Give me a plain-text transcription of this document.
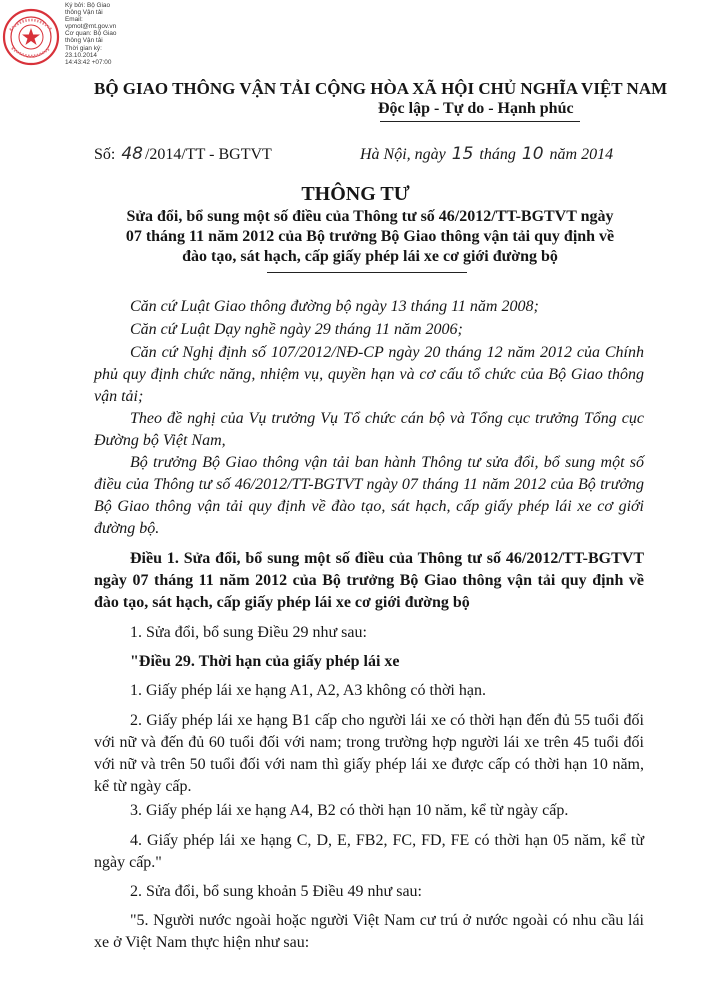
Ký bởi: Bộ Giao
thông Vận tải
Email:
vpmot@mt.gov.vn
Cơ quan: Bộ Giao
thông Vận tải
Thời gian ký:
23.10.2014
14:43:42 +07:00
BỘ GIAO THÔNG VẬN TẢI CỘNG HÒA XÃ HỘI CHỦ NGHĨA VIỆT NAM
Độc lập - Tự do - Hạnh phúc
Số: 48 /2014/TT - BGTVT	Hà Nội, ngày 15 tháng 10 năm 2014
THÔNG TƯ
Sửa đổi, bổ sung một số điều của Thông tư số 46/2012/TT-BGTVT ngày 07 tháng 11 năm 2012 của Bộ trưởng Bộ Giao thông vận tải quy định về đào tạo, sát hạch, cấp giấy phép lái xe cơ giới đường bộ

Căn cứ Luật Giao thông đường bộ ngày 13 tháng 11 năm 2008;

Căn cứ Luật Dạy nghề ngày 29 tháng 11 năm 2006;

Căn cứ Nghị định số 107/2012/NĐ-CP ngày 20 tháng 12 năm 2012 của Chính phủ quy định chức năng, nhiệm vụ, quyền hạn và cơ cấu tổ chức của Bộ Giao thông vận tải;

Theo đề nghị của Vụ trưởng Vụ Tổ chức cán bộ và Tổng cục trưởng Tổng cục Đường bộ Việt Nam,

Bộ trưởng Bộ Giao thông vận tải ban hành Thông tư sửa đổi, bổ sung một số điều của Thông tư số 46/2012/TT-BGTVT ngày 07 tháng 11 năm 2012 của Bộ trưởng Bộ Giao thông vận tải quy định về đào tạo, sát hạch, cấp giấy phép lái xe cơ giới đường bộ.

Điều 1. Sửa đổi, bổ sung một số điều của Thông tư số 46/2012/TT-BGTVT ngày 07 tháng 11 năm 2012 của Bộ trưởng Bộ Giao thông vận tải quy định về đào tạo, sát hạch, cấp giấy phép lái xe cơ giới đường bộ

1. Sửa đổi, bổ sung Điều 29 như sau:

"Điều 29. Thời hạn của giấy phép lái xe

1. Giấy phép lái xe hạng A1, A2, A3 không có thời hạn.

2. Giấy phép lái xe hạng B1 cấp cho người lái xe có thời hạn đến đủ 55 tuổi đối với nữ và đến đủ 60 tuổi đối với nam; trong trường hợp người lái xe trên 45 tuổi đối với nữ và trên 50 tuổi đối với nam thì giấy phép lái xe được cấp có thời hạn 10 năm, kể từ ngày cấp.

3. Giấy phép lái xe hạng A4, B2 có thời hạn 10 năm, kể từ ngày cấp.

4. Giấy phép lái xe hạng C, D, E, FB2, FC, FD, FE có thời hạn 05 năm, kể từ ngày cấp."

2. Sửa đổi, bổ sung khoản 5 Điều 49 như sau:

"5. Người nước ngoài hoặc người Việt Nam cư trú ở nước ngoài có nhu cầu lái xe ở Việt Nam thực hiện như sau:
